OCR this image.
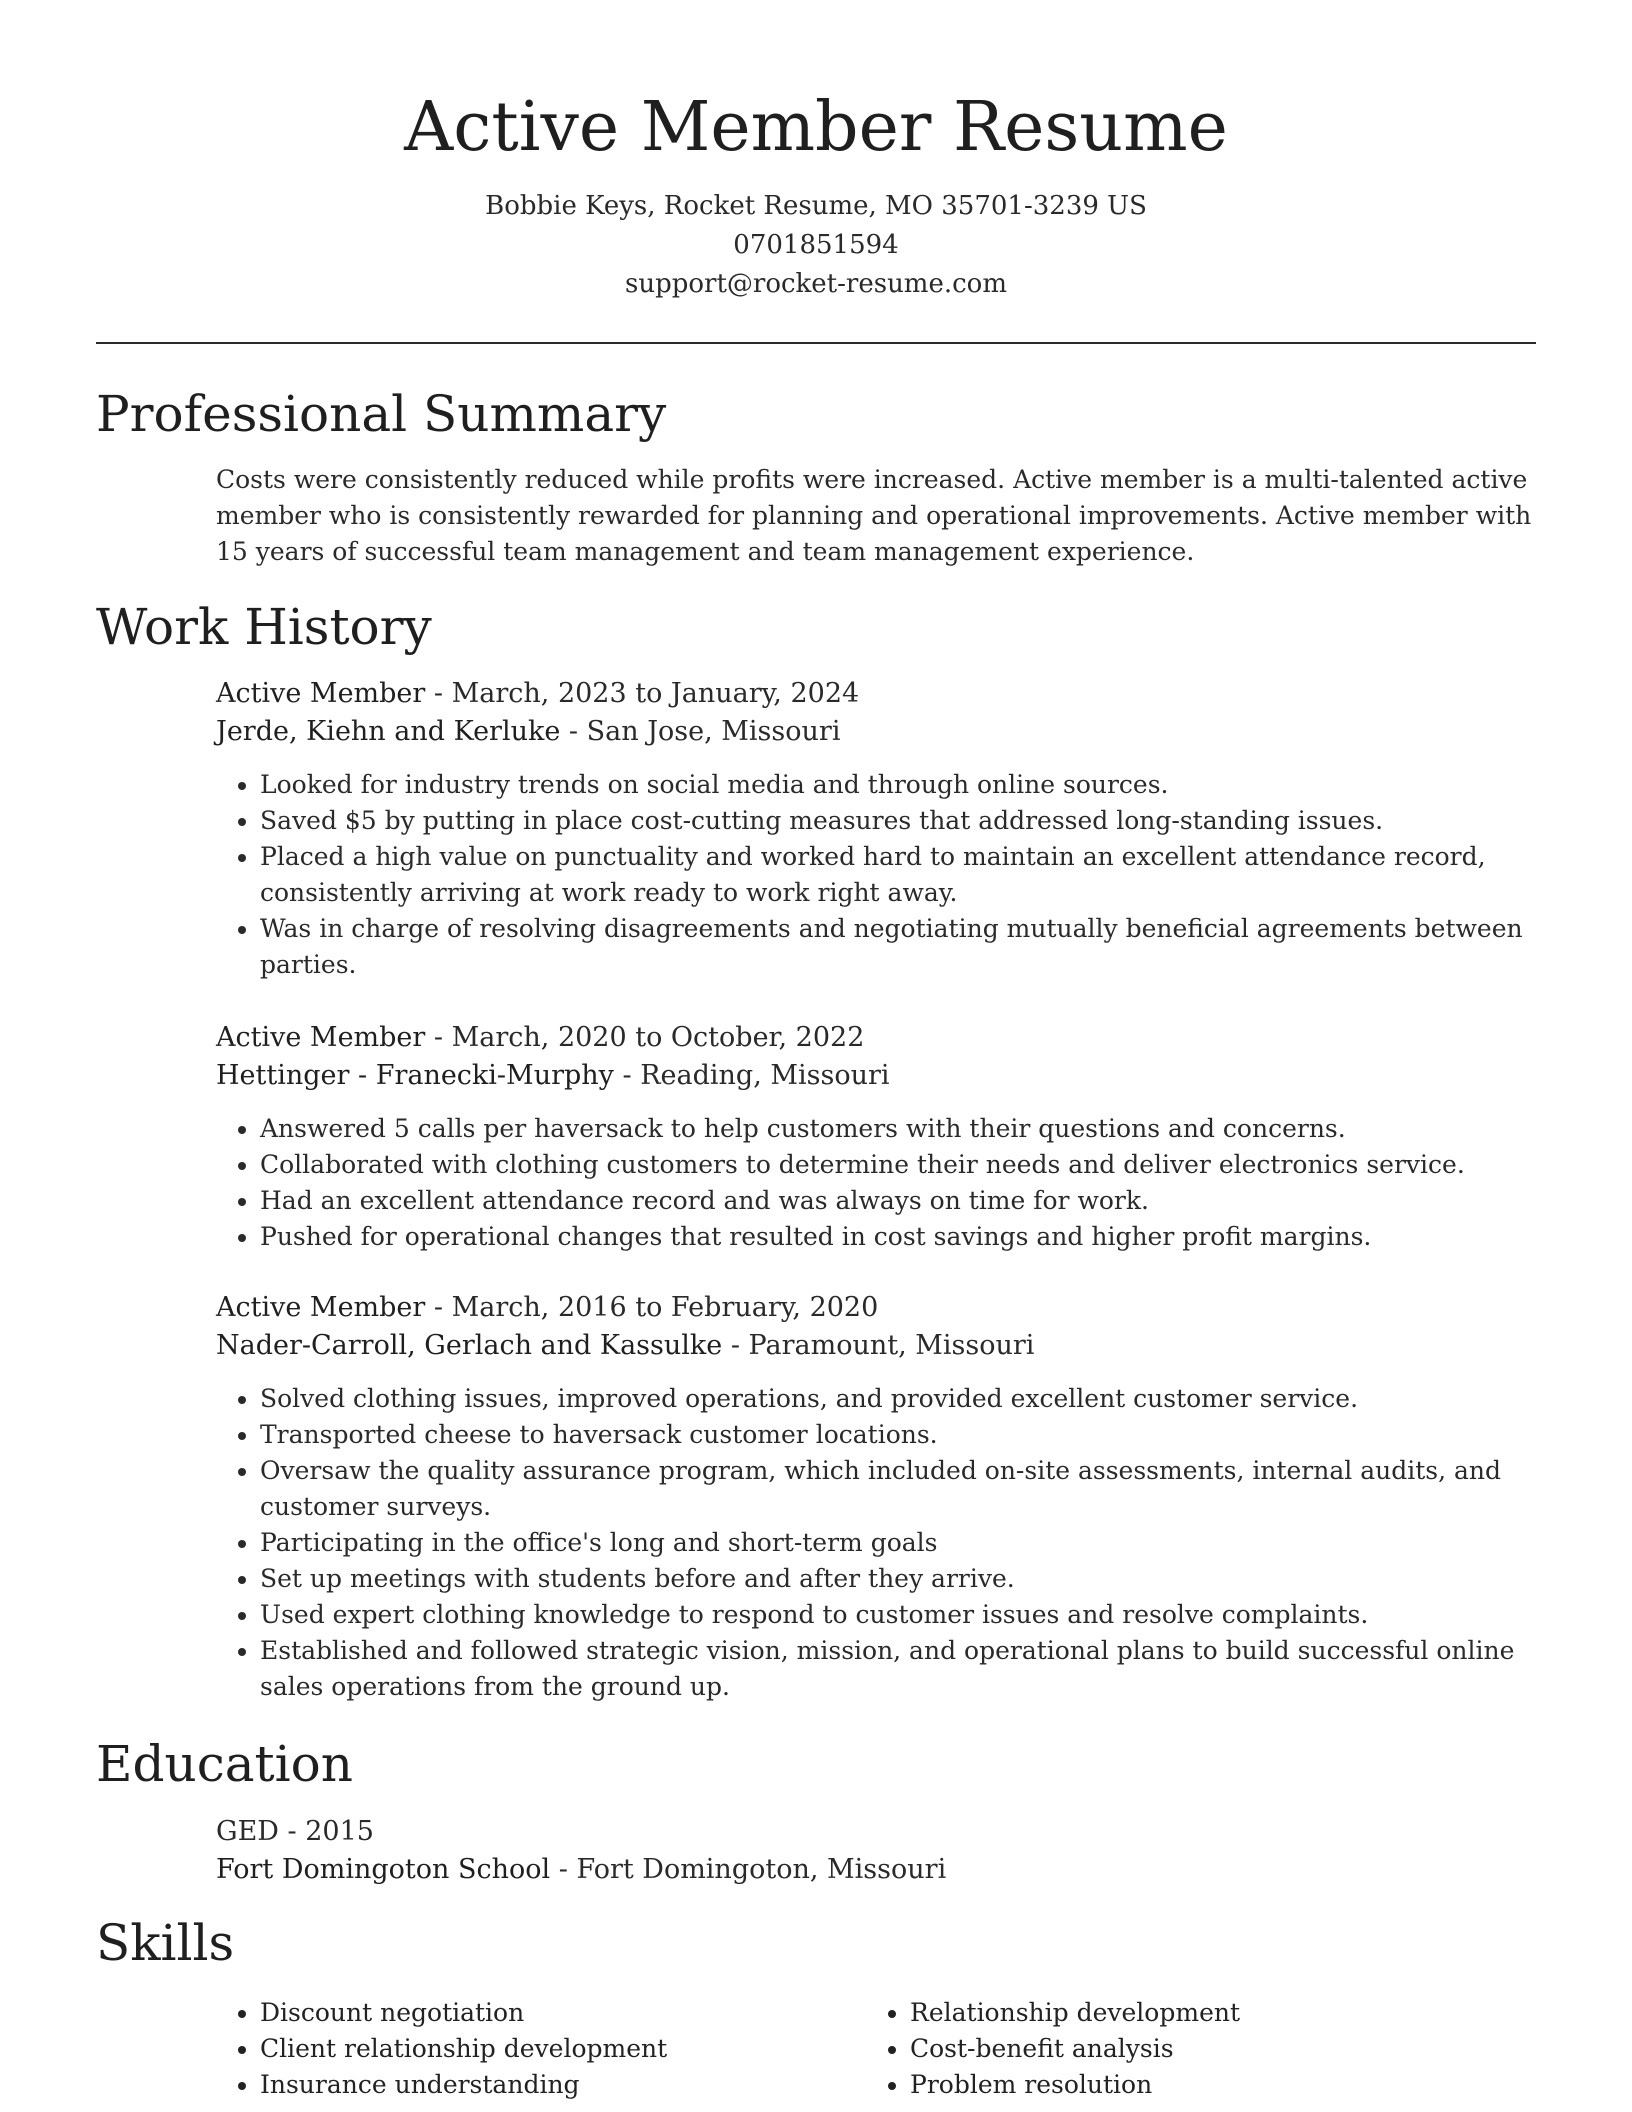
Active Member Resume
Bobbie Keys, Rocket Resume, MO 35701-3239 US
0701851594
support@rocket-resume.com
Professional Summary
Costs were consistently reduced while profits were increased. Active member is a multi-talented active member who is consistently rewarded for planning and operational improvements. Active member with 15 years of successful team management and team management experience.
Work History
Active Member - March, 2023 to January, 2024
Jerde, Kiehn and Kerluke - San Jose, Missouri
• Looked for industry trends on social media and through online sources.
• Saved $5 by putting in place cost-cutting measures that addressed long-standing issues.
• Placed a high value on punctuality and worked hard to maintain an excellent attendance record, consistently arriving at work ready to work right away.
• Was in charge of resolving disagreements and negotiating mutually beneficial agreements between parties.
Active Member - March, 2020 to October, 2022
Hettinger - Franecki-Murphy - Reading, Missouri
• Answered 5 calls per haversack to help customers with their questions and concerns.
• Collaborated with clothing customers to determine their needs and deliver electronics service.
• Had an excellent attendance record and was always on time for work.
• Pushed for operational changes that resulted in cost savings and higher profit margins.
Active Member - March, 2016 to February, 2020
Nader-Carroll, Gerlach and Kassulke - Paramount, Missouri
• Solved clothing issues, improved operations, and provided excellent customer service.
• Transported cheese to haversack customer locations.
• Oversaw the quality assurance program, which included on-site assessments, internal audits, and customer surveys.
• Participating in the office's long and short-term goals
• Set up meetings with students before and after they arrive.
• Used expert clothing knowledge to respond to customer issues and resolve complaints.
• Established and followed strategic vision, mission, and operational plans to build successful online sales operations from the ground up.
Education
GED - 2015
Fort Domingoton School - Fort Domingoton, Missouri
Skills
• Discount negotiation
• Client relationship development
• Insurance understanding
• Relationship development
• Cost-benefit analysis
• Problem resolution
